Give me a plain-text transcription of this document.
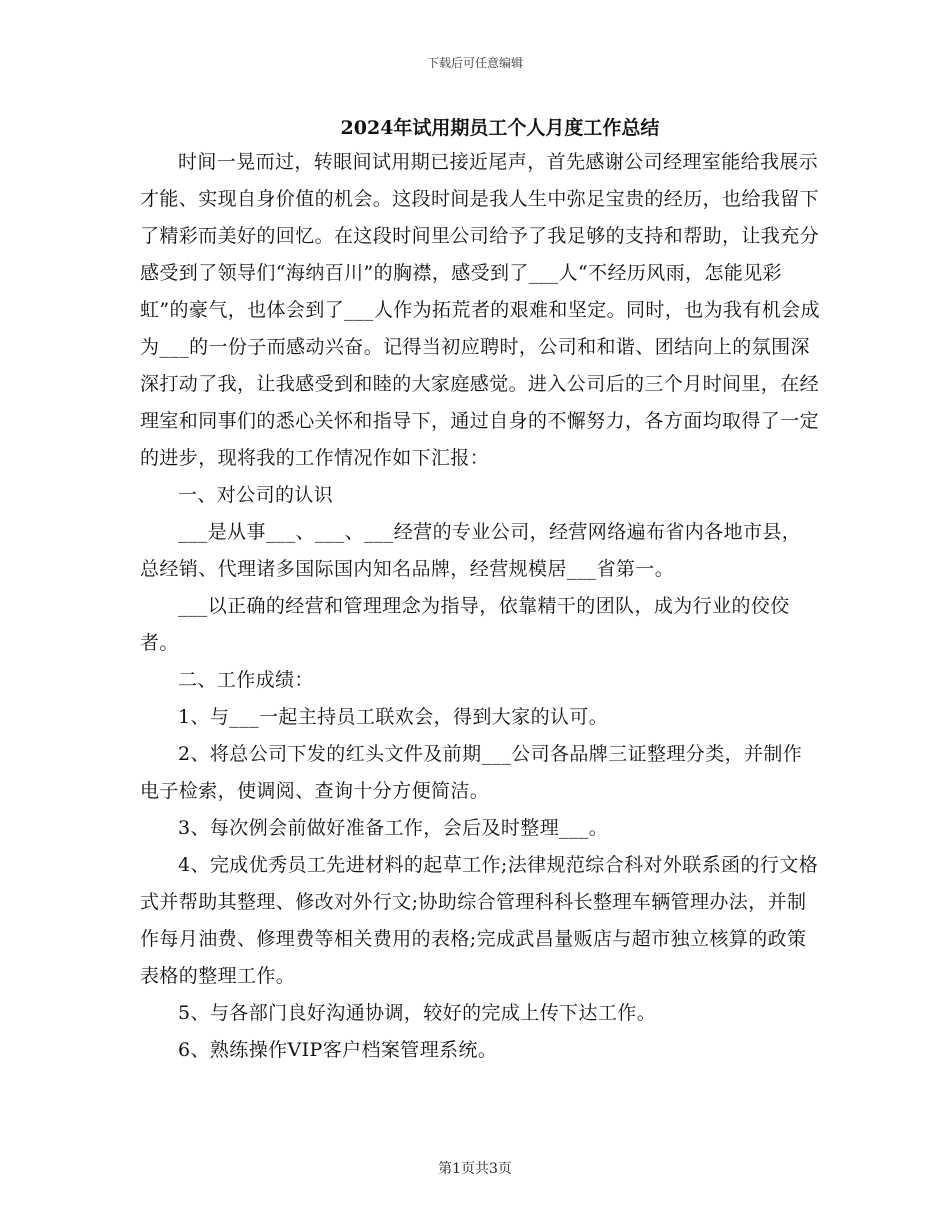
下载后可任意编辑
2024年试用期员工个人月度工作总结

时间一晃而过，转眼间试用期已接近尾声，首先感谢公司经理室能给我展示才能、实现自身价值的机会。这段时间是我人生中弥足宝贵的经历，也给我留下了精彩而美好的回忆。在这段时间里公司给予了我足够的支持和帮助，让我充分感受到了领导们“海纳百川”的胸襟，感受到了___人“不经历风雨，怎能见彩虹”的豪气，也体会到了___人作为拓荒者的艰难和坚定。同时，也为我有机会成为___的一份子而感动兴奋。记得当初应聘时，公司和和谐、团结向上的氛围深深打动了我，让我感受到和睦的大家庭感觉。进入公司后的三个月时间里，在经理室和同事们的悉心关怀和指导下，通过自身的不懈努力，各方面均取得了一定的进步，现将我的工作情况作如下汇报：

一、对公司的认识

___是从事___、___、___经营的专业公司，经营网络遍布省内各地市县，总经销、代理诸多国际国内知名品牌，经营规模居___省第一。

___以正确的经营和管理理念为指导，依靠精干的团队，成为行业的佼佼者。

二、工作成绩：

1、与___一起主持员工联欢会，得到大家的认可。

2、将总公司下发的红头文件及前期___公司各品牌三证整理分类，并制作电子检索，使调阅、查询十分方便简洁。

3、每次例会前做好准备工作，会后及时整理___。

4、完成优秀员工先进材料的起草工作;法律规范综合科对外联系函的行文格式并帮助其整理、修改对外行文;协助综合管理科科长整理车辆管理办法，并制作每月油费、修理费等相关费用的表格;完成武昌量贩店与超市独立核算的政策表格的整理工作。

5、与各部门良好沟通协调，较好的完成上传下达工作。

6、熟练操作VIP客户档案管理系统。

第1页共3页
